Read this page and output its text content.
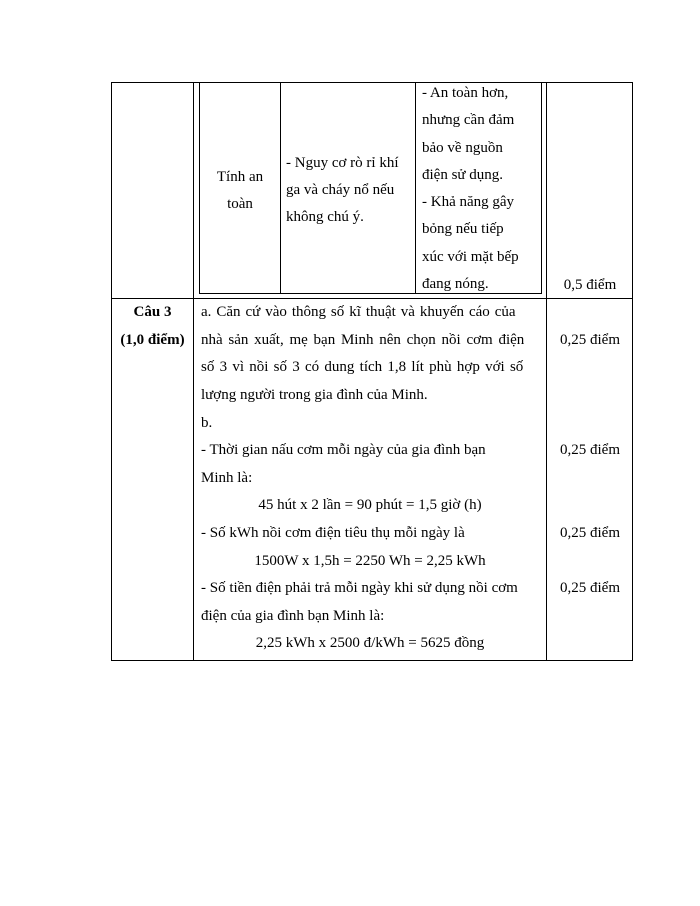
Tính an
toàn
- Nguy cơ rò rỉ khí
ga và cháy nổ nếu
không chú ý.
- An toàn hơn,
nhưng cần đảm
bảo về nguồn
điện sử dụng.
- Khả năng gây
bỏng nếu tiếp
xúc với mặt bếp
đang nóng.	0,5 điểm
Câu 3
(1,0 điểm)
a. Căn cứ vào thông số kĩ thuật và khuyến cáo của
nhà sản xuất, mẹ bạn Minh nên chọn nồi cơm điện
số 3 vì nồi số 3 có dung tích 1,8 lít phù hợp với số
lượng người trong gia đình của Minh.
b.
- Thời gian nấu cơm mỗi ngày của gia đình bạn
Minh là:
45 hút x 2 lần = 90 phút = 1,5 giờ (h)
- Số kWh nồi cơm điện tiêu thụ mỗi ngày là
1500W x 1,5h = 2250 Wh = 2,25 kWh
- Số tiền điện phải trả mỗi ngày khi sử dụng nồi cơm
điện của gia đình bạn Minh là:
2,25 kWh x 2500 đ/kWh = 5625 đồng
0,25 điểm
0,25 điểm
0,25 điểm
0,25 điểm
